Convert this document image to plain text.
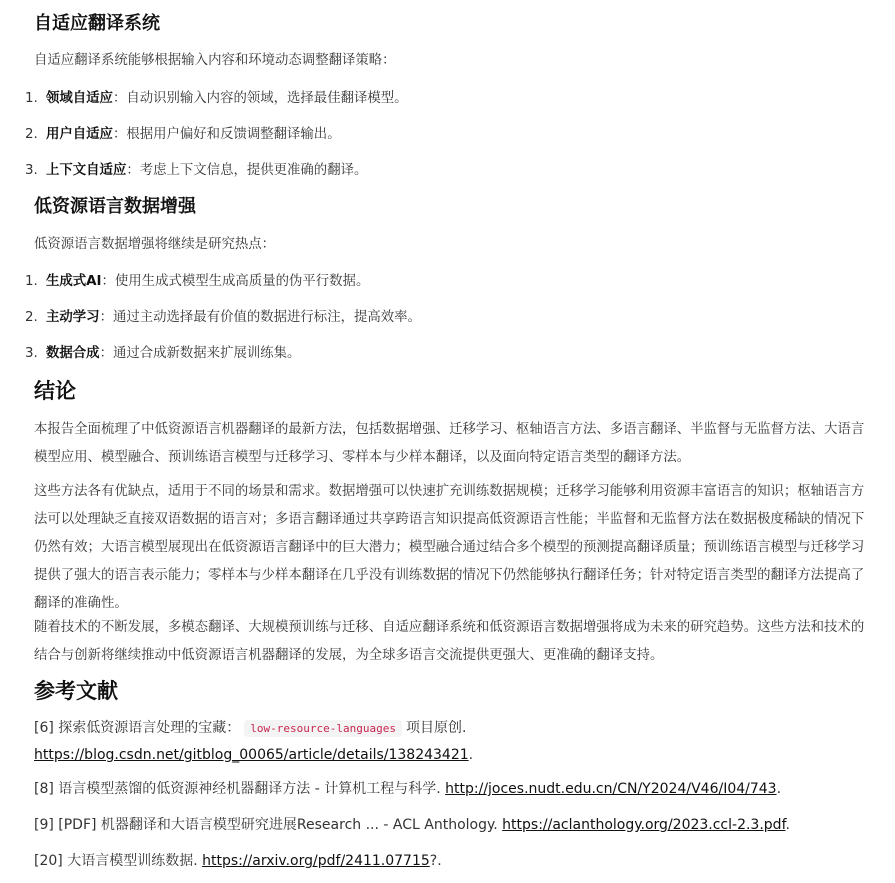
自适应翻译系统

自适应翻译系统能够根据输入内容和环境动态调整翻译策略：

1. 领域自适应：自动识别输入内容的领域，选择最佳翻译模型。
2. 用户自适应：根据用户偏好和反馈调整翻译输出。
3. 上下文自适应：考虑上下文信息，提供更准确的翻译。
低资源语言数据增强

低资源语言数据增强将继续是研究热点：

1. 生成式AI：使用生成式模型生成高质量的伪平行数据。
2. 主动学习：通过主动选择最有价值的数据进行标注，提高效率。
3. 数据合成：通过合成新数据来扩展训练集。
结论

本报告全面梳理了中低资源语言机器翻译的最新方法，包括数据增强、迁移学习、枢轴语言方法、多语言翻译、半监督与无监督方法、大语言模型应用、模型融合、预训练语言模型与迁移学习、零样本与少样本翻译，以及面向特定语言类型的翻译方法。

这些方法各有优缺点，适用于不同的场景和需求。数据增强可以快速扩充训练数据规模；迁移学习能够利用资源丰富语言的知识；枢轴语言方法可以处理缺乏直接双语数据的语言对；多语言翻译通过共享跨语言知识提高低资源语言性能；半监督和无监督方法在数据极度稀缺的情况下仍然有效；大语言模型展现出在低资源语言翻译中的巨大潜力；模型融合通过结合多个模型的预测提高翻译质量；预训练语言模型与迁移学习提供了强大的语言表示能力；零样本与少样本翻译在几乎没有训练数据的情况下仍然能够执行翻译任务；针对特定语言类型的翻译方法提高了翻译的准确性。

随着技术的不断发展，多模态翻译、大规模预训练与迁移、自适应翻译系统和低资源语言数据增强将成为未来的研究趋势。这些方法和技术的结合与创新将继续推动中低资源语言机器翻译的发展，为全球多语言交流提供更强大、更准确的翻译支持。

参考文献
[6] 探索低资源语言处理的宝藏： low-resource-languages 项目原创.
https://blog.csdn.net/gitblog_00065/article/details/138243421.
[8] 语言模型蒸馏的低资源神经机器翻译方法 - 计算机工程与科学. http://joces.nudt.edu.cn/CN/Y2024/V46/I04/743.
[9] [PDF] 机器翻译和大语言模型研究进展Research ... - ACL Anthology. https://aclanthology.org/2023.ccl-2.3.pdf.
[20] 大语言模型训练数据. https://arxiv.org/pdf/2411.07715?.
